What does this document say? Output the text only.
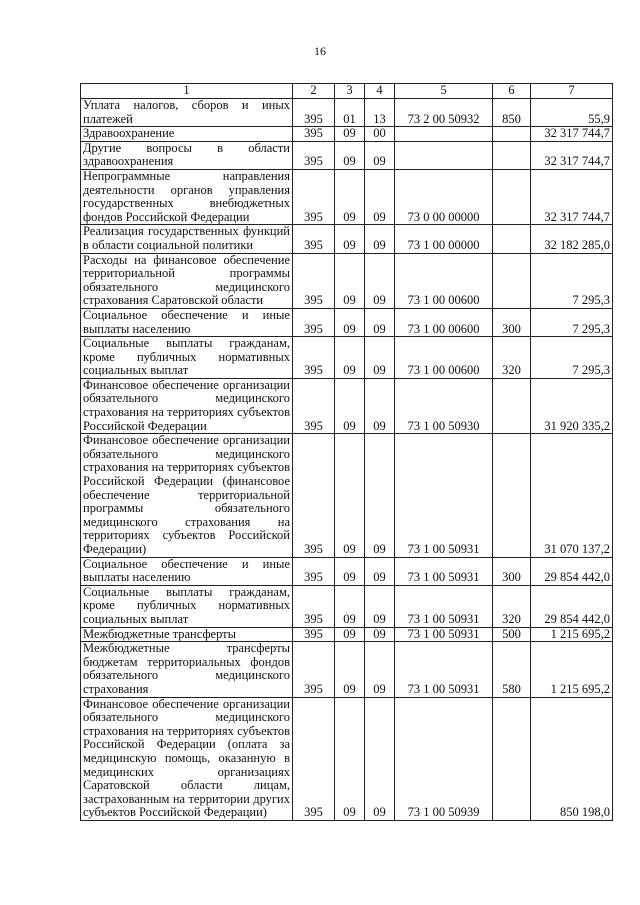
16
1	2	3	4	5	6	7
Уплата налогов, сборов и иных платежей	395	01	13	73 2 00 50932	850	55,9
Здравоохранение	395	09	00			32 317 744,7
Другие вопросы в области здравоохранения	395	09	09			32 317 744,7
Непрограммные направления деятельности органов управления государственных внебюджетных фондов Российской Федерации	395	09	09	73 0 00 00000		32 317 744,7
Реализация государственных функций в области социальной политики	395	09	09	73 1 00 00000		32 182 285,0
Расходы на финансовое обеспечение территориальной программы обязательного медицинского страхования Саратовской области	395	09	09	73 1 00 00600		7 295,3
Социальное обеспечение и иные выплаты населению	395	09	09	73 1 00 00600	300	7 295,3
Социальные выплаты гражданам, кроме публичных нормативных социальных выплат	395	09	09	73 1 00 00600	320	7 295,3
Финансовое обеспечение организации обязательного медицинского страхования на территориях субъектов Российской Федерации	395	09	09	73 1 00 50930		31 920 335,2
Финансовое обеспечение организации обязательного медицинского страхования на территориях субъектов Российской Федерации (финансовое обеспечение территориальной программы обязательного медицинского страхования на территориях субъектов Российской Федерации)	395	09	09	73 1 00 50931		31 070 137,2
Социальное обеспечение и иные выплаты населению	395	09	09	73 1 00 50931	300	29 854 442,0
Социальные выплаты гражданам, кроме публичных нормативных социальных выплат	395	09	09	73 1 00 50931	320	29 854 442,0
Межбюджетные трансферты	395	09	09	73 1 00 50931	500	1 215 695,2
Межбюджетные трансферты бюджетам территориальных фондов обязательного медицинского страхования	395	09	09	73 1 00 50931	580	1 215 695,2
Финансовое обеспечение организации обязательного медицинского страхования на территориях субъектов Российской Федерации (оплата за медицинскую помощь, оказанную в медицинских организациях Саратовской области лицам, застрахованным на территории других субъектов Российской Федерации)	395	09	09	73 1 00 50939		850 198,0
